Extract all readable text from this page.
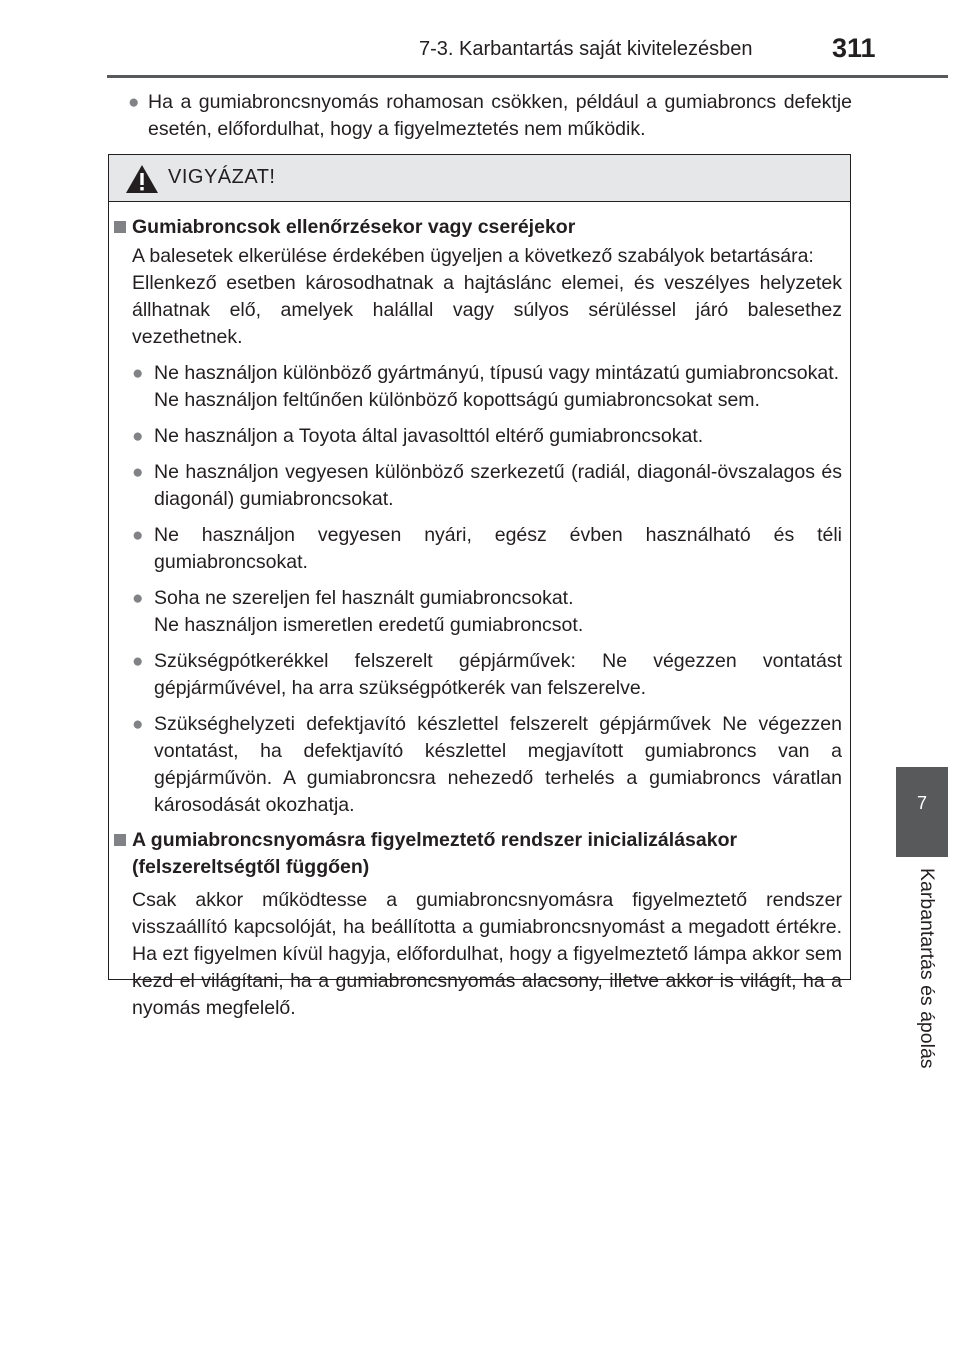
7-3. Karbantartás saját kivitelezésben	311
● Ha a gumiabroncsnyomás rohamosan csökken, például a gumiabroncs defektje esetén, előfordulhat, hogy a figyelmeztetés nem működik.
VIGYÁZAT!
Gumiabroncsok ellenőrzésekor vagy cseréjekor
A balesetek elkerülése érdekében ügyeljen a következő szabályok betartására:
Ellenkező esetben károsodhatnak a hajtáslánc elemei, és veszélyes helyzetek állhatnak elő, amelyek halállal vagy súlyos sérüléssel járó balesethez vezethetnek.
● Ne használjon különböző gyártmányú, típusú vagy mintázatú gumiabroncsokat.
Ne használjon feltűnően különböző kopottságú gumiabroncsokat sem.
● Ne használjon a Toyota által javasolttól eltérő gumiabroncsokat.
● Ne használjon vegyesen különböző szerkezetű (radiál, diagonál-övszalagos és diagonál) gumiabroncsokat.
● Ne használjon vegyesen nyári, egész évben használható és téli gumiabroncsokat.
● Soha ne szereljen fel használt gumiabroncsokat.
Ne használjon ismeretlen eredetű gumiabroncsot.
● Szükségpótkerékkel felszerelt gépjárművek: Ne végezzen vontatást gépjárművével, ha arra szükségpótkerék van felszerelve.
● Szükséghelyzeti defektjavító készlettel felszerelt gépjárművek Ne végezzen vontatást, ha defektjavító készlettel megjavított gumiabroncs van a gépjárművön. A gumiabroncsra nehezedő terhelés a gumiabroncs váratlan károsodását okozhatja.
A gumiabroncsnyomásra figyelmeztető rendszer inicializálásakor (felszereltségtől függően)
Csak akkor működtesse a gumiabroncsnyomásra figyelmeztető rendszer visszaállító kapcsolóját, ha beállította a gumiabroncsnyomást a megadott értékre. Ha ezt figyelmen kívül hagyja, előfordulhat, hogy a figyelmeztető lámpa akkor sem kezd el világítani, ha a gumiabroncsnyomás alacsony, illetve akkor is világít, ha a nyomás megfelelő.
7
Karbantartás és ápolás
